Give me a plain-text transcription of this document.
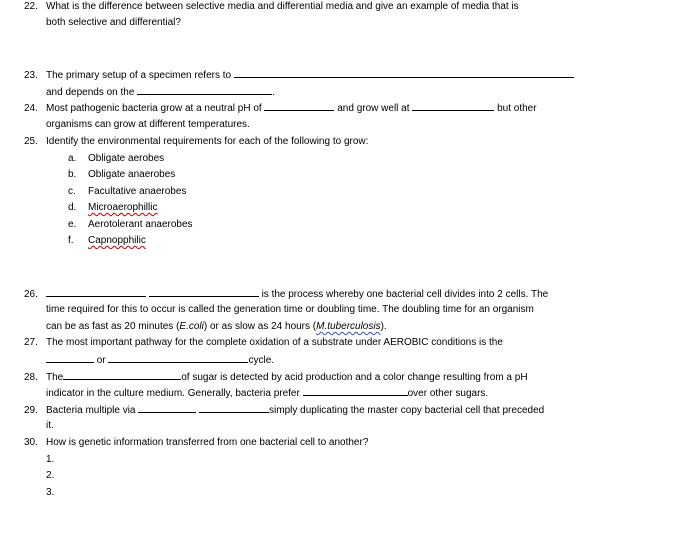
22. What is the difference between selective media and differential media and give an example of media that is
both selective and differential?
23. The primary setup of a specimen refers to
and depends on the	.
24. Most pathogenic bacteria grow at a neutral pH of	and grow well at	but other
organisms can grow at different temperatures.
25. Identify the environmental requirements for each of the following to grow:
a. Obligate aerobes
b. Obligate anaerobes
c. Facultative anaerobes
d. Microaerophillic
e. Aerotolerant anaerobes
f. Capnopphilic
26.	is the process whereby one bacterial cell divides into 2 cells. The
time required for this to occur is called the generation time or doubling time. The doubling time for an organism
can be as fast as 20 minutes (E.coli) or as slow as 24 hours (M.tuberculosis).
27. The most important pathway for the complete oxidation of a substrate under AEROBIC conditions is the
or	cycle.
28. The	of sugar is detected by acid production and a color change resulting from a pH
indicator in the culture medium. Generally, bacteria prefer	over other sugars.
29. Bacteria multiple via	simply duplicating the master copy bacterial cell that preceded
it.
30. How is genetic information transferred from one bacterial cell to another?
1.
2.
3.
